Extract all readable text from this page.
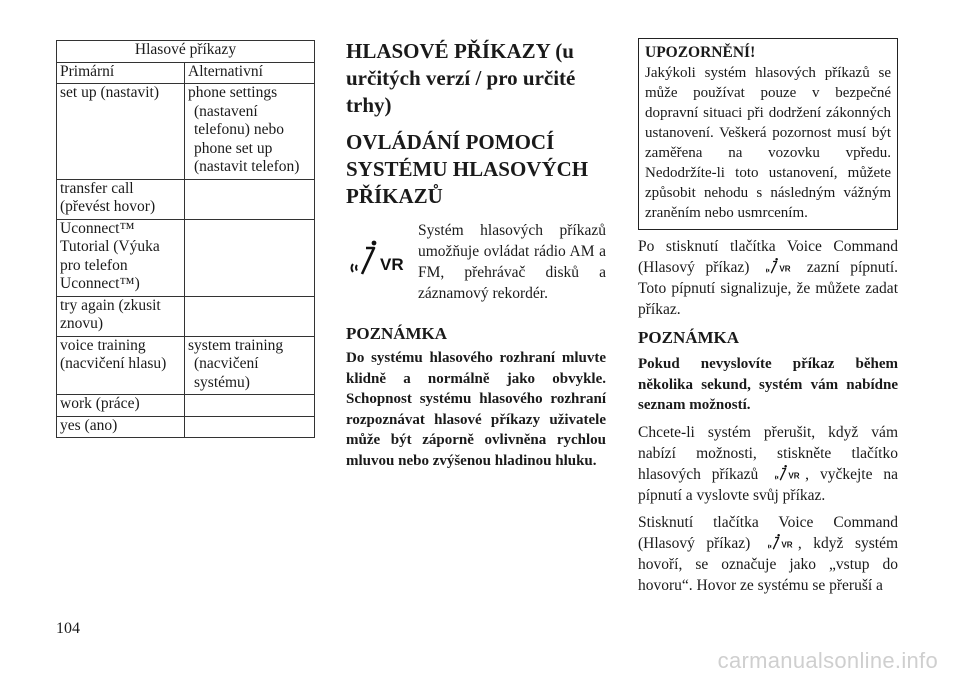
Hlasové příkazy	
Primární	Alternativní

set up (nastavit)	phone settings
(nastavení
telefonu) nebo
phone set up
(nastavit telefon)

transfer call
(převést hovor)	

Uconnect™
Tutorial (Výuka
pro telefon
Uconnect™)	

try again (zkusit
znovu)	

voice training
(nacvičení hlasu)	system training
(nacvičení
systému)

work (práce)	

yes (ano)	

HLASOVÉ PŘÍKAZY (u určitých verzí / pro určité trhy)
OVLÁDÁNÍ POMOCÍ SYSTÉMU HLASOVÝCH PŘÍKAZŮ
VR
Systém hlasových příkazů umožňuje ovládat rádio AM a FM, přehrávač disků a záznamový rekordér.
POZNÁMKA

Do systému hlasového rozhraní mluvte klidně a normálně jako obvykle. Schopnost systému hlasového rozhraní rozpoznávat hlasové příkazy uživatele může být záporně ovlivněna rychlou mluvou nebo zvýšenou hladinou hluku.

UPOZORNĚNÍ!

Jakýkoli systém hlasových příkazů se může používat pouze v bezpečné dopravní situaci při dodržení zákonných ustanovení. Veškerá pozornost musí být zaměřena na vozovku vpředu. Nedodržíte-li toto ustanovení, můžete způsobit nehodu s následným vážným zraněním nebo usmrcením.

Po stisknutí tlačítka Voice Command (Hlasový příkaz) VR zazní pípnutí. Toto pípnutí signalizuje, že můžete zadat příkaz.

POZNÁMKA

Pokud nevyslovíte příkaz během několika sekund, systém vám nabídne seznam možností.

Chcete-li systém přerušit, když vám nabízí možnosti, stiskněte tlačítko hlasových příkazů VR , vyčkejte na pípnutí a vyslovte svůj příkaz.

Stisknutí tlačítka Voice Command (Hlasový příkaz) VR , když systém hovoří, se označuje jako „vstup do hovoru“. Hovor ze systému se přeruší a

104
carmanualsonline.info
